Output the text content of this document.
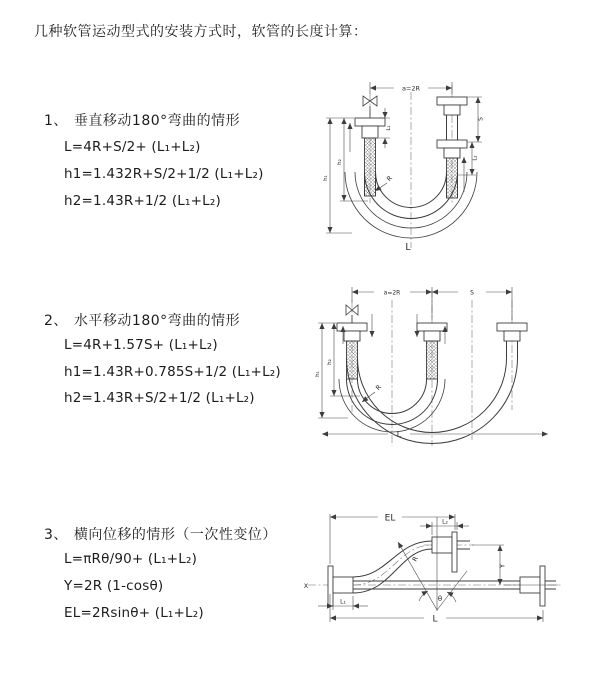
几种软管运动型式的安装方式时，软管的长度计算：
1、 垂直移动180°弯曲的情形
L=4R+S/2+ (L₁+L₂)
h1=1.432R+S/2+1/2 (L₁+L₂)
h2=1.43R+1/2 (L₁+L₂)
2、 水平移动180°弯曲的情形
L=4R+1.57S+ (L₁+L₂)
h1=1.43R+0.785S+1/2 (L₁+L₂)
h2=1.43R+S/2+1/2 (L₁+L₂)
3、 横向位移的情形（一次性变位）
L=πRθ/90+ (L₁+L₂)
Y=2R (1-cosθ)
EL=2Rsinθ+ (L₁+L₂)
a=2R
L₁
S
L₂
h₁
h₂
R
L
a=2R	S
h₁
h₂
R
L
X
EL	L₂
Y
R
θ
L₁
L
